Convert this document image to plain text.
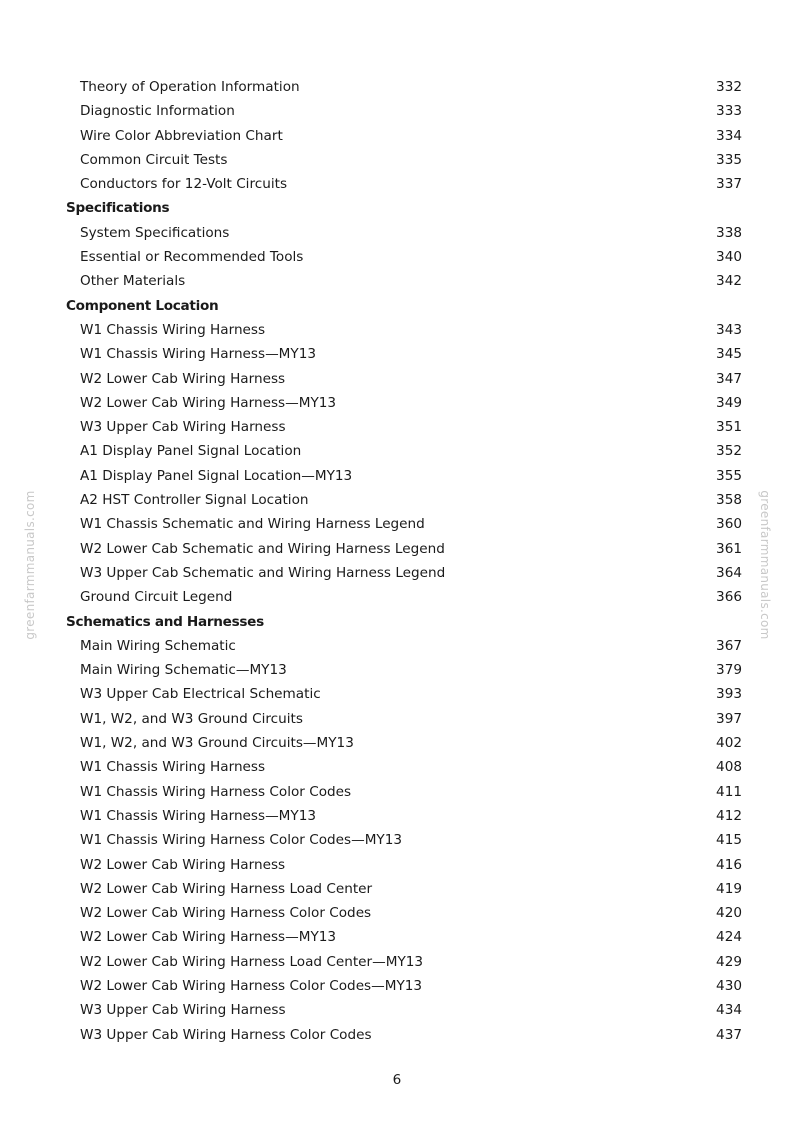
greenfarmmanuals.com	greenfarmmanuals.com
Theory of Operation Information	332
Diagnostic Information	333
Wire Color Abbreviation Chart	334
Common Circuit Tests	335
Conductors for 12-Volt Circuits	337
Specifications
System Specifications	338
Essential or Recommended Tools	340
Other Materials	342
Component Location
W1 Chassis Wiring Harness	343
W1 Chassis Wiring Harness—MY13	345
W2 Lower Cab Wiring Harness	347
W2 Lower Cab Wiring Harness—MY13	349
W3 Upper Cab Wiring Harness	351
A1 Display Panel Signal Location	352
A1 Display Panel Signal Location—MY13	355
A2 HST Controller Signal Location	358
W1 Chassis Schematic and Wiring Harness Legend	360
W2 Lower Cab Schematic and Wiring Harness Legend	361
W3 Upper Cab Schematic and Wiring Harness Legend	364
Ground Circuit Legend	366
Schematics and Harnesses
Main Wiring Schematic	367
Main Wiring Schematic—MY13	379
W3 Upper Cab Electrical Schematic	393
W1, W2, and W3 Ground Circuits	397
W1, W2, and W3 Ground Circuits—MY13	402
W1 Chassis Wiring Harness	408
W1 Chassis Wiring Harness Color Codes	411
W1 Chassis Wiring Harness—MY13	412
W1 Chassis Wiring Harness Color Codes—MY13	415
W2 Lower Cab Wiring Harness	416
W2 Lower Cab Wiring Harness Load Center	419
W2 Lower Cab Wiring Harness Color Codes	420
W2 Lower Cab Wiring Harness—MY13	424
W2 Lower Cab Wiring Harness Load Center—MY13	429
W2 Lower Cab Wiring Harness Color Codes—MY13	430
W3 Upper Cab Wiring Harness	434
W3 Upper Cab Wiring Harness Color Codes	437
6
